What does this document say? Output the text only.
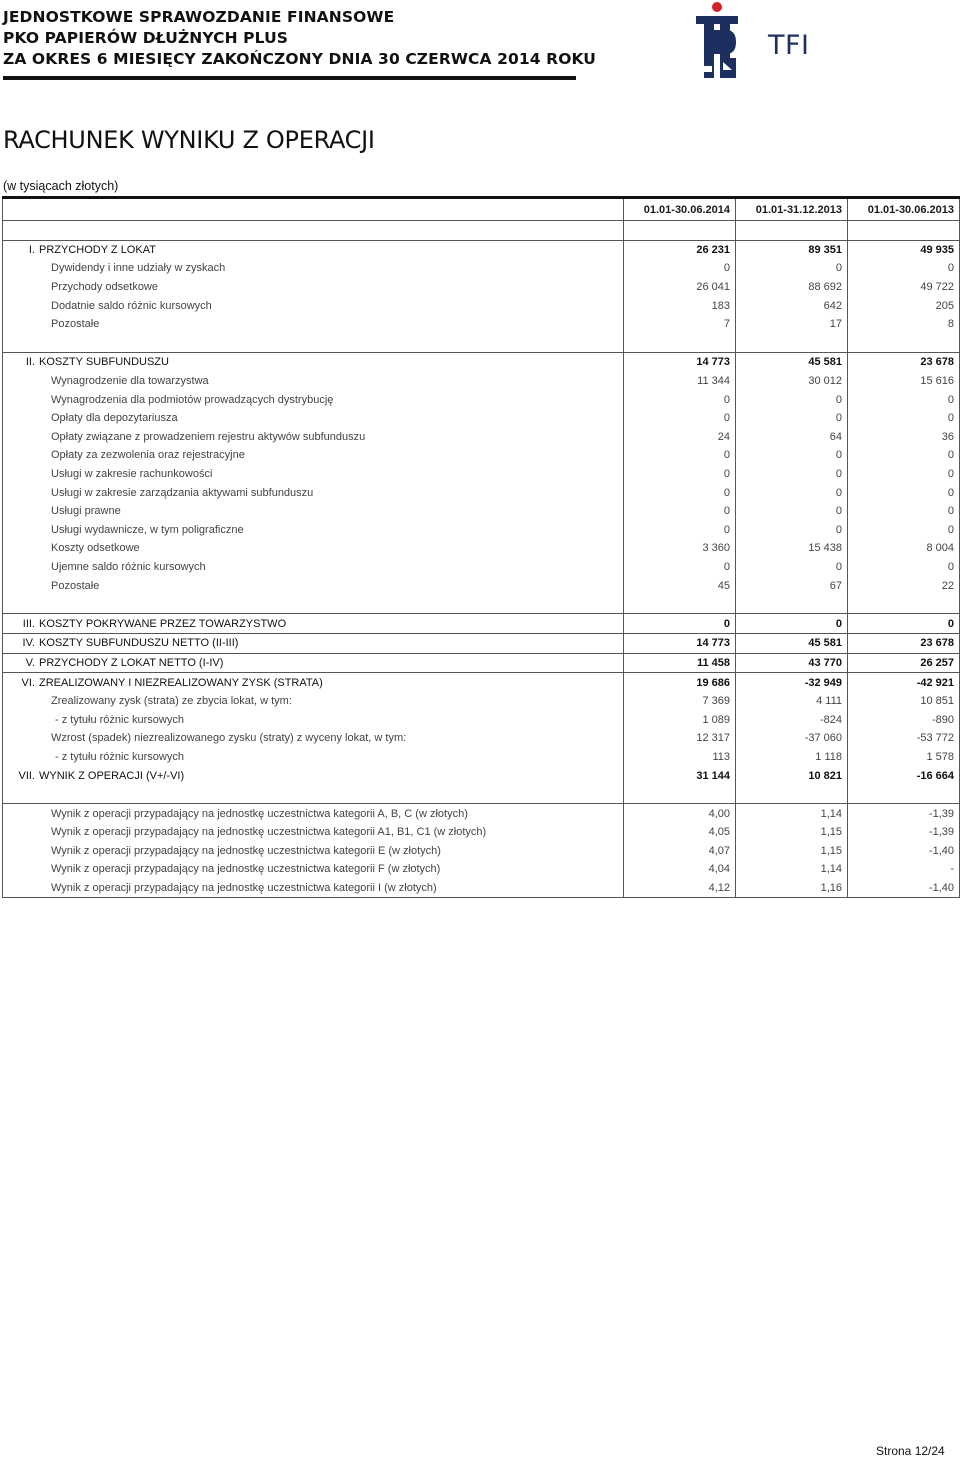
JEDNOSTKOWE SPRAWOZDANIE FINANSOWE
PKO PAPIERÓW DŁUŻNYCH PLUS
ZA OKRES 6 MIESIĘCY ZAKOŃCZONY DNIA 30 CZERWCA 2014 ROKU	TFI
RACHUNEK WYNIKU Z OPERACJI
(w tysiącach złotych)
	01.01-30.06.2014	01.01-31.12.2013	01.01-30.06.2013

I. PRZYCHODY Z LOKAT	26 231	89 351	49 935
Dywidendy i inne udziały w zyskach	0	0	0
Przychody odsetkowe	26 041	88 692	49 722
Dodatnie saldo różnic kursowych	183	642	205
Pozostałe	7	17	8

II. KOSZTY SUBFUNDUSZU	14 773	45 581	23 678
Wynagrodzenie dla towarzystwa	11 344	30 012	15 616
Wynagrodzenia dla podmiotów prowadzących dystrybucję	0	0	0
Opłaty dla depozytariusza	0	0	0
Opłaty związane z prowadzeniem rejestru aktywów subfunduszu	24	64	36
Opłaty za zezwolenia oraz rejestracyjne	0	0	0
Usługi w zakresie rachunkowości	0	0	0
Usługi w zakresie zarządzania aktywami subfunduszu	0	0	0
Usługi prawne	0	0	0
Usługi wydawnicze, w tym poligraficzne	0	0	0
Koszty odsetkowe	3 360	15 438	8 004
Ujemne saldo różnic kursowych	0	0	0
Pozostałe	45	67	22

III. KOSZTY POKRYWANE PRZEZ TOWARZYSTWO	0	0	0
IV. KOSZTY SUBFUNDUSZU NETTO (II-III)	14 773	45 581	23 678
V. PRZYCHODY Z LOKAT NETTO (I-IV)	11 458	43 770	26 257
VI. ZREALIZOWANY I NIEZREALIZOWANY ZYSK (STRATA)	19 686	-32 949	-42 921
Zrealizowany zysk (strata) ze zbycia lokat, w tym:	7 369	4 111	10 851
- z tytułu różnic kursowych	1 089	-824	-890
Wzrost (spadek) niezrealizowanego zysku (straty) z wyceny lokat, w tym:	12 317	-37 060	-53 772
- z tytułu różnic kursowych	113	1 118	1 578
VII. WYNIK Z OPERACJI (V+/-VI)	31 144	10 821	-16 664

Wynik z operacji przypadający na jednostkę uczestnictwa kategorii A, B, C (w złotych)	4,00	1,14	-1,39
Wynik z operacji przypadający na jednostkę uczestnictwa kategorii A1, B1, C1 (w złotych)	4,05	1,15	-1,39
Wynik z operacji przypadający na jednostkę uczestnictwa kategorii E (w złotych)	4,07	1,15	-1,40
Wynik z operacji przypadający na jednostkę uczestnictwa kategorii F (w złotych)	4,04	1,14	-
Wynik z operacji przypadający na jednostkę uczestnictwa kategorii I (w złotych)	4,12	1,16	-1,40
Strona 12/24
